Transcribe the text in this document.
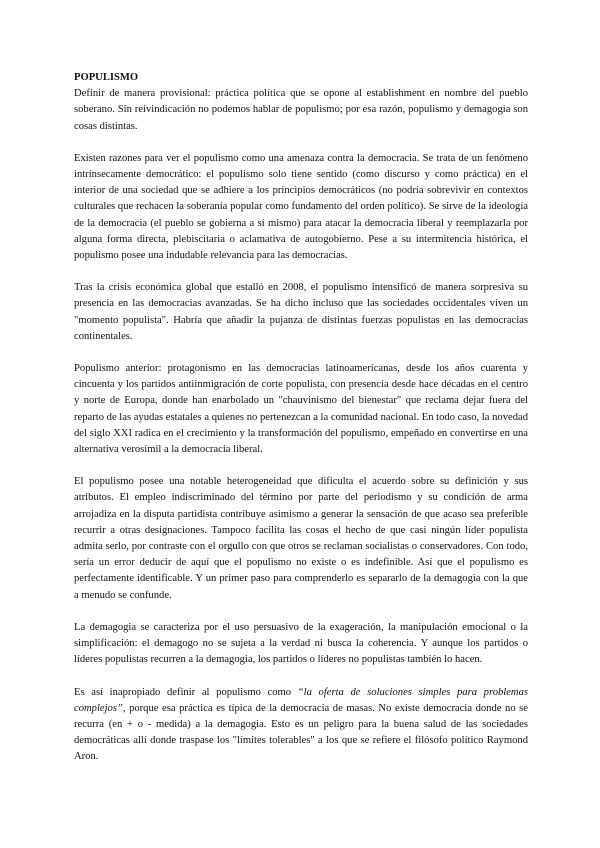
POPULISMO

Definir de manera provisional: práctica política que se opone al establishment en nombre del pueblo soberano. Sin reivindicación no podemos hablar de populismo; por esa razón, populismo y demagogia son cosas distintas.

Existen razones para ver el populismo como una amenaza contra la democracia. Se trata de un fenómeno intrínsecamente democrático: el populismo solo tiene sentido (como discurso y como práctica) en el interior de una sociedad que se adhiere a los principios democráticos (no podría sobrevivir en contextos culturales que rechacen la soberanía popular como fundamento del orden político). Se sirve de la ideología de la democracia (el pueblo se gobierna a sí mismo) para atacar la democracia liberal y reemplazarla por alguna forma directa, plebiscitaria o aclamativa de autogobierno. Pese a su intermitencia histórica, el populismo posee una indudable relevancia para las democracias.

Tras la crisis económica global que estalló en 2008, el populismo intensificó de manera sorpresiva su presencia en las democracias avanzadas. Se ha dicho incluso que las sociedades occidentales viven un "momento populista". Habría que añadir la pujanza de distintas fuerzas populistas en las democracias continentales.

Populismo anterior: protagonismo en las democracias latinoamericanas, desde los años cuarenta y cincuenta y los partidos antiinmigración de corte populista, con presencia desde hace décadas en el centro y norte de Europa, donde han enarbolado un "chauvinismo del bienestar" que reclama dejar fuera del reparto de las ayudas estatales a quienes no pertenezcan a la comunidad nacional. En todo caso, la novedad del siglo XXI radica en el crecimiento y la transformación del populismo, empeñado en convertirse en una alternativa verosímil a la democracia liberal.

El populismo posee una notable heterogeneidad que dificulta el acuerdo sobre su definición y sus atributos. El empleo indiscriminado del término por parte del periodismo y su condición de arma arrojadiza en la disputa partidista contribuye asimismo a generar la sensación de que acaso sea preferible recurrir a otras designaciones. Tampoco facilita las cosas el hecho de que casi ningún líder populista admita serlo, por contraste con el orgullo con que otros se reclaman socialistas o conservadores. Con todo, sería un error deducir de aquí que el populismo no existe o es indefinible. Así que el populismo es perfectamente identificable. Y un primer paso para comprenderlo es separarlo de la demagogia con la que a menudo se confunde.

La demagogia se caracteriza por el uso persuasivo de la exageración, la manipulación emocional o la simplificación: el demagogo no se sujeta a la verdad ni busca la coherencia. Y aunque los partidos o líderes populistas recurren a la demagogia, los partidos o líderes no populistas también lo hacen.

Es así inapropiado definir al populismo como “la oferta de soluciones simples para problemas complejos”, porque esa práctica es típica de la democracia de masas. No existe democracia donde no se recurra (en + o - medida) a la demagogia. Esto es un peligro para la buena salud de las sociedades democráticas allí donde traspase los "límites tolerables" a los que se refiere el filósofo político Raymond Aron.
